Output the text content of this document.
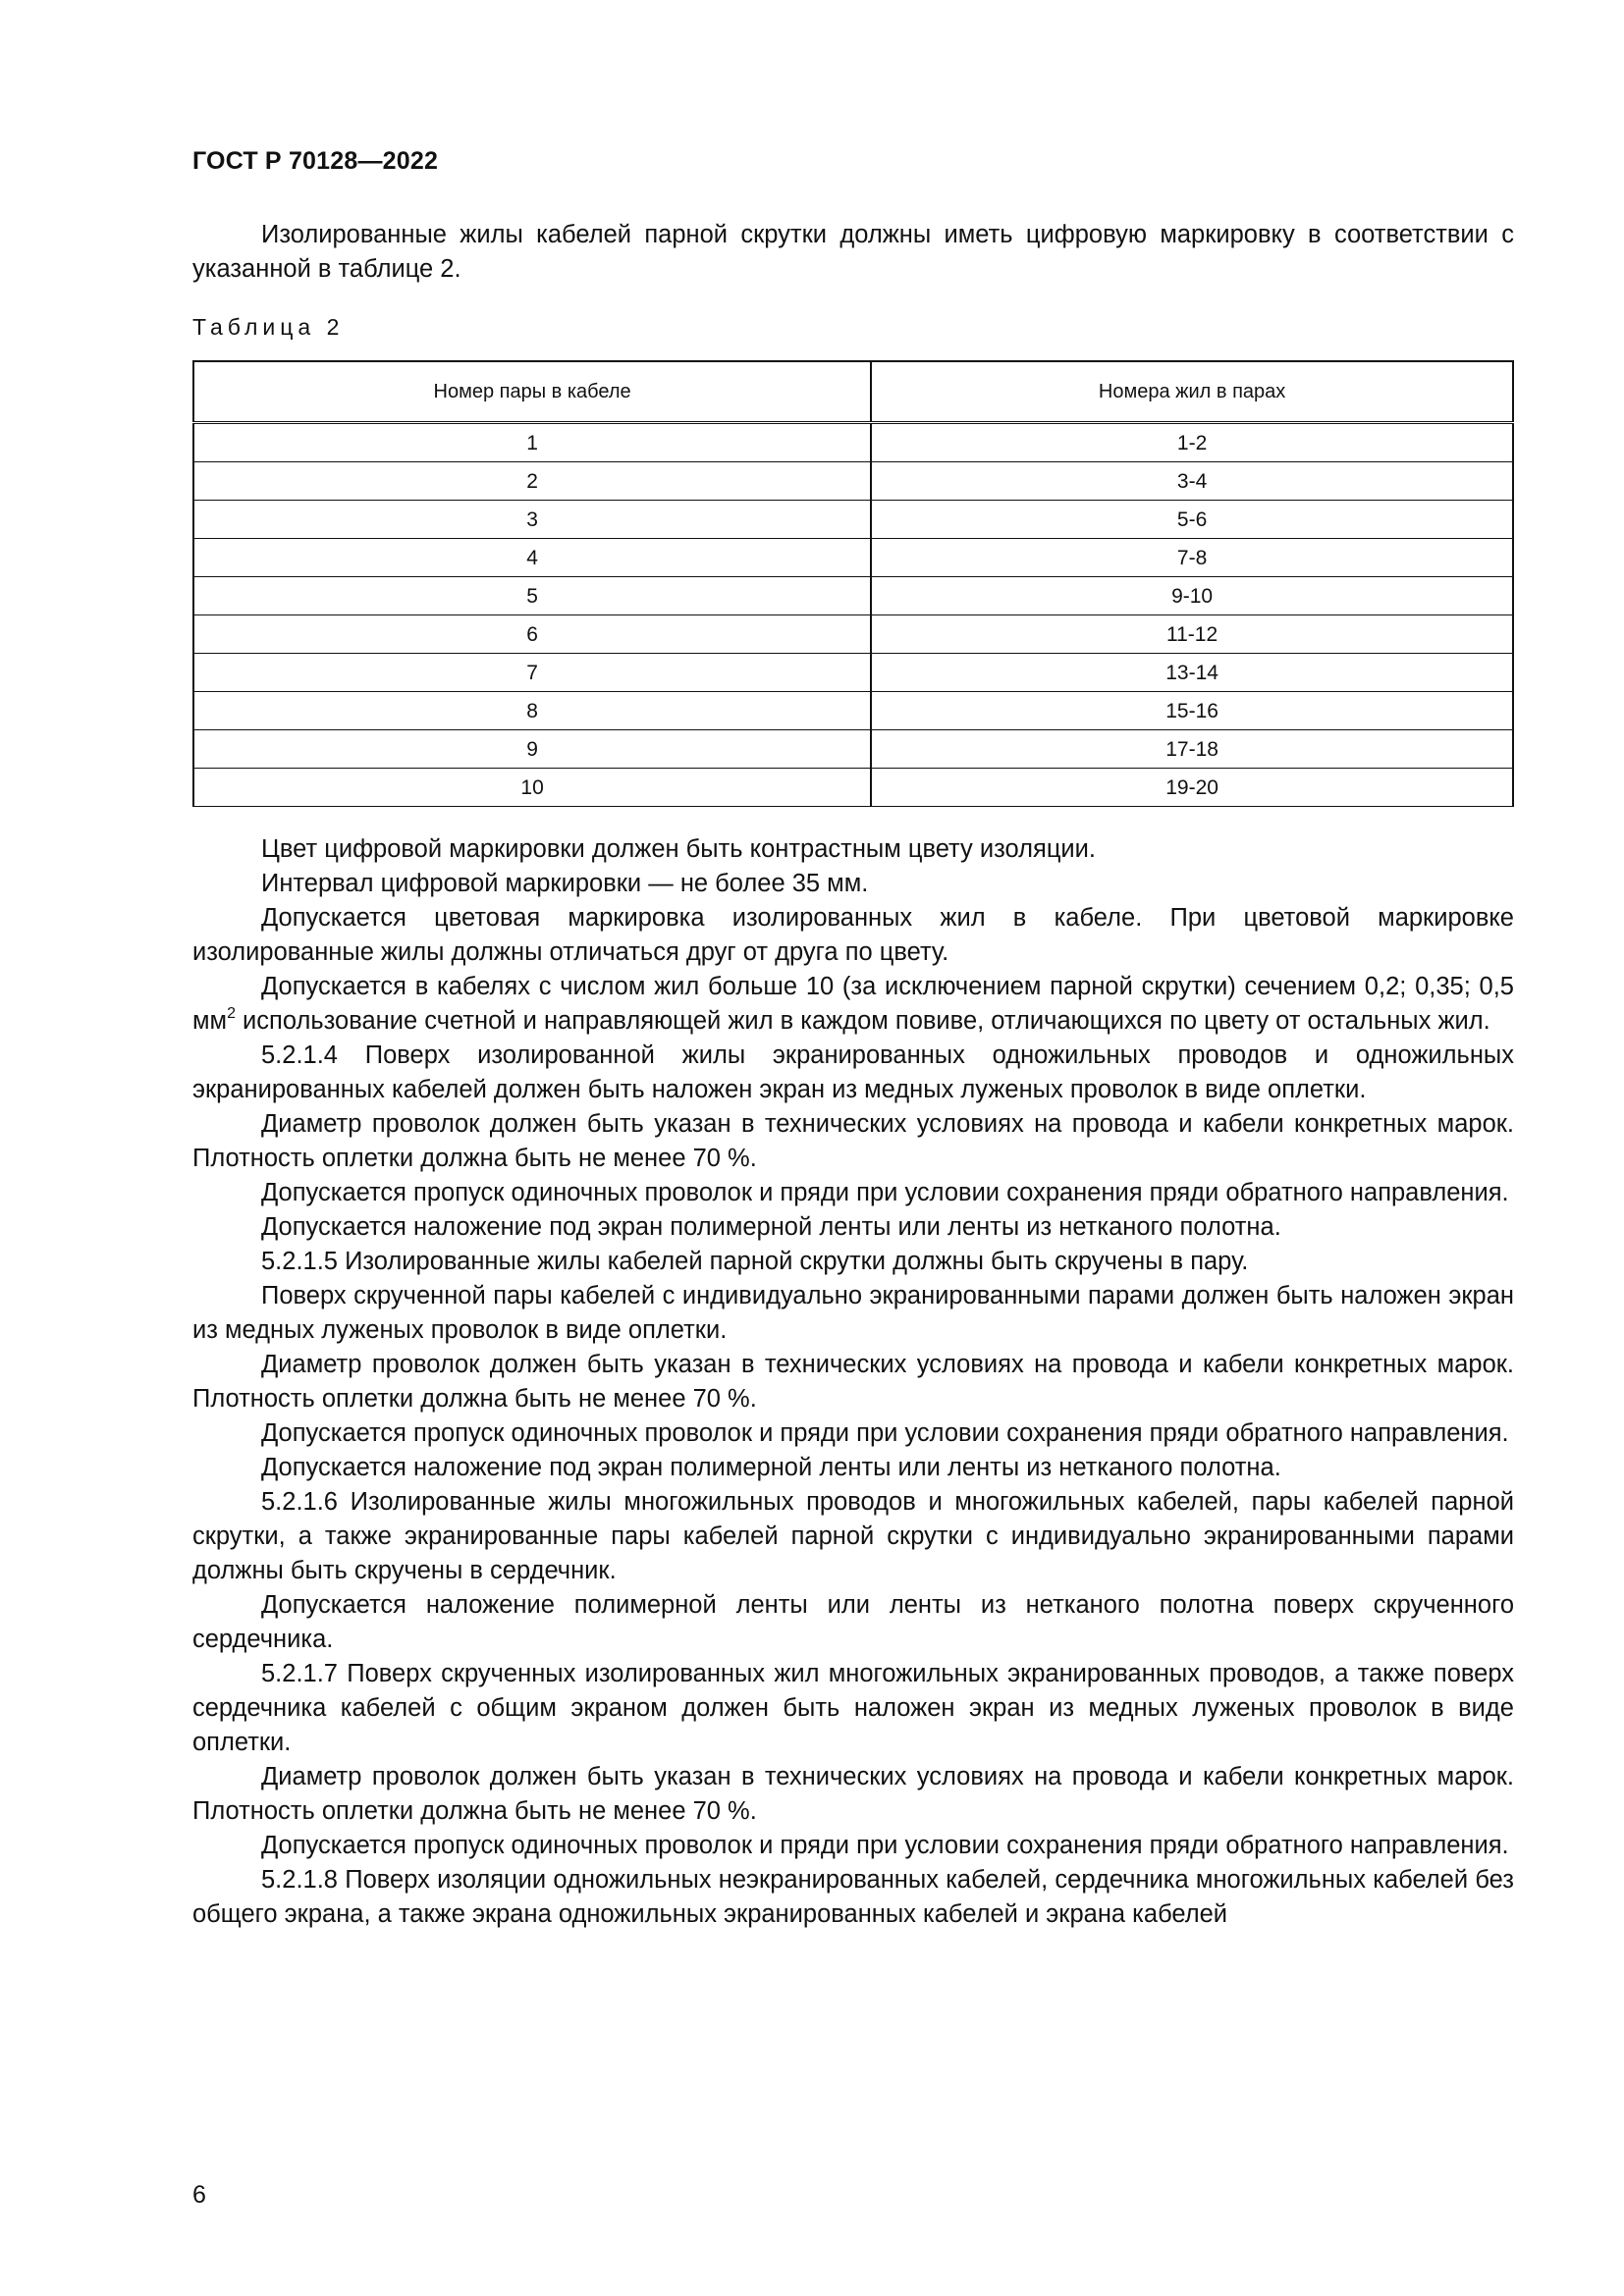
ГОСТ Р 70128—2022

Изолированные жилы кабелей парной скрутки должны иметь цифровую маркировку в соответствии с указанной в таблице 2.

Таблица 2
Номер пары в кабеле	Номера жил в парах
1	1-2
2	3-4
3	5-6
4	7-8
5	9-10
6	11-12
7	13-14
8	15-16
9	17-18
10	19-20

Цвет цифровой маркировки должен быть контрастным цвету изоляции.

Интервал цифровой маркировки — не более 35 мм.

Допускается цветовая маркировка изолированных жил в кабеле. При цветовой маркировке изолированные жилы должны отличаться друг от друга по цвету.

Допускается в кабелях с числом жил больше 10 (за исключением парной скрутки) сечением 0,2; 0,35; 0,5 $мм^2$ использование счетной и направляющей жил в каждом повиве, отличающихся по цвету от остальных жил.

5.2.1.4 Поверх изолированной жилы экранированных одножильных проводов и одножильных экранированных кабелей должен быть наложен экран из медных луженых проволок в виде оплетки.

Диаметр проволок должен быть указан в технических условиях на провода и кабели конкретных марок. Плотность оплетки должна быть не менее 70 %.

Допускается пропуск одиночных проволок и пряди при условии сохранения пряди обратного направления.

Допускается наложение под экран полимерной ленты или ленты из нетканого полотна.

5.2.1.5 Изолированные жилы кабелей парной скрутки должны быть скручены в пару.

Поверх скрученной пары кабелей с индивидуально экранированными парами должен быть наложен экран из медных луженых проволок в виде оплетки.

Диаметр проволок должен быть указан в технических условиях на провода и кабели конкретных марок. Плотность оплетки должна быть не менее 70 %.

Допускается пропуск одиночных проволок и пряди при условии сохранения пряди обратного направления.

Допускается наложение под экран полимерной ленты или ленты из нетканого полотна.

5.2.1.6 Изолированные жилы многожильных проводов и многожильных кабелей, пары кабелей парной скрутки, а также экранированные пары кабелей парной скрутки с индивидуально экранированными парами должны быть скручены в сердечник.

Допускается наложение полимерной ленты или ленты из нетканого полотна поверх скрученного сердечника.

5.2.1.7 Поверх скрученных изолированных жил многожильных экранированных проводов, а также поверх сердечника кабелей с общим экраном должен быть наложен экран из медных луженых проволок в виде оплетки.

Диаметр проволок должен быть указан в технических условиях на провода и кабели конкретных марок. Плотность оплетки должна быть не менее 70 %.

Допускается пропуск одиночных проволок и пряди при условии сохранения пряди обратного направления.

5.2.1.8 Поверх изоляции одножильных неэкранированных кабелей, сердечника многожильных кабелей без общего экрана, а также экрана одножильных экранированных кабелей и экрана кабелей

6
